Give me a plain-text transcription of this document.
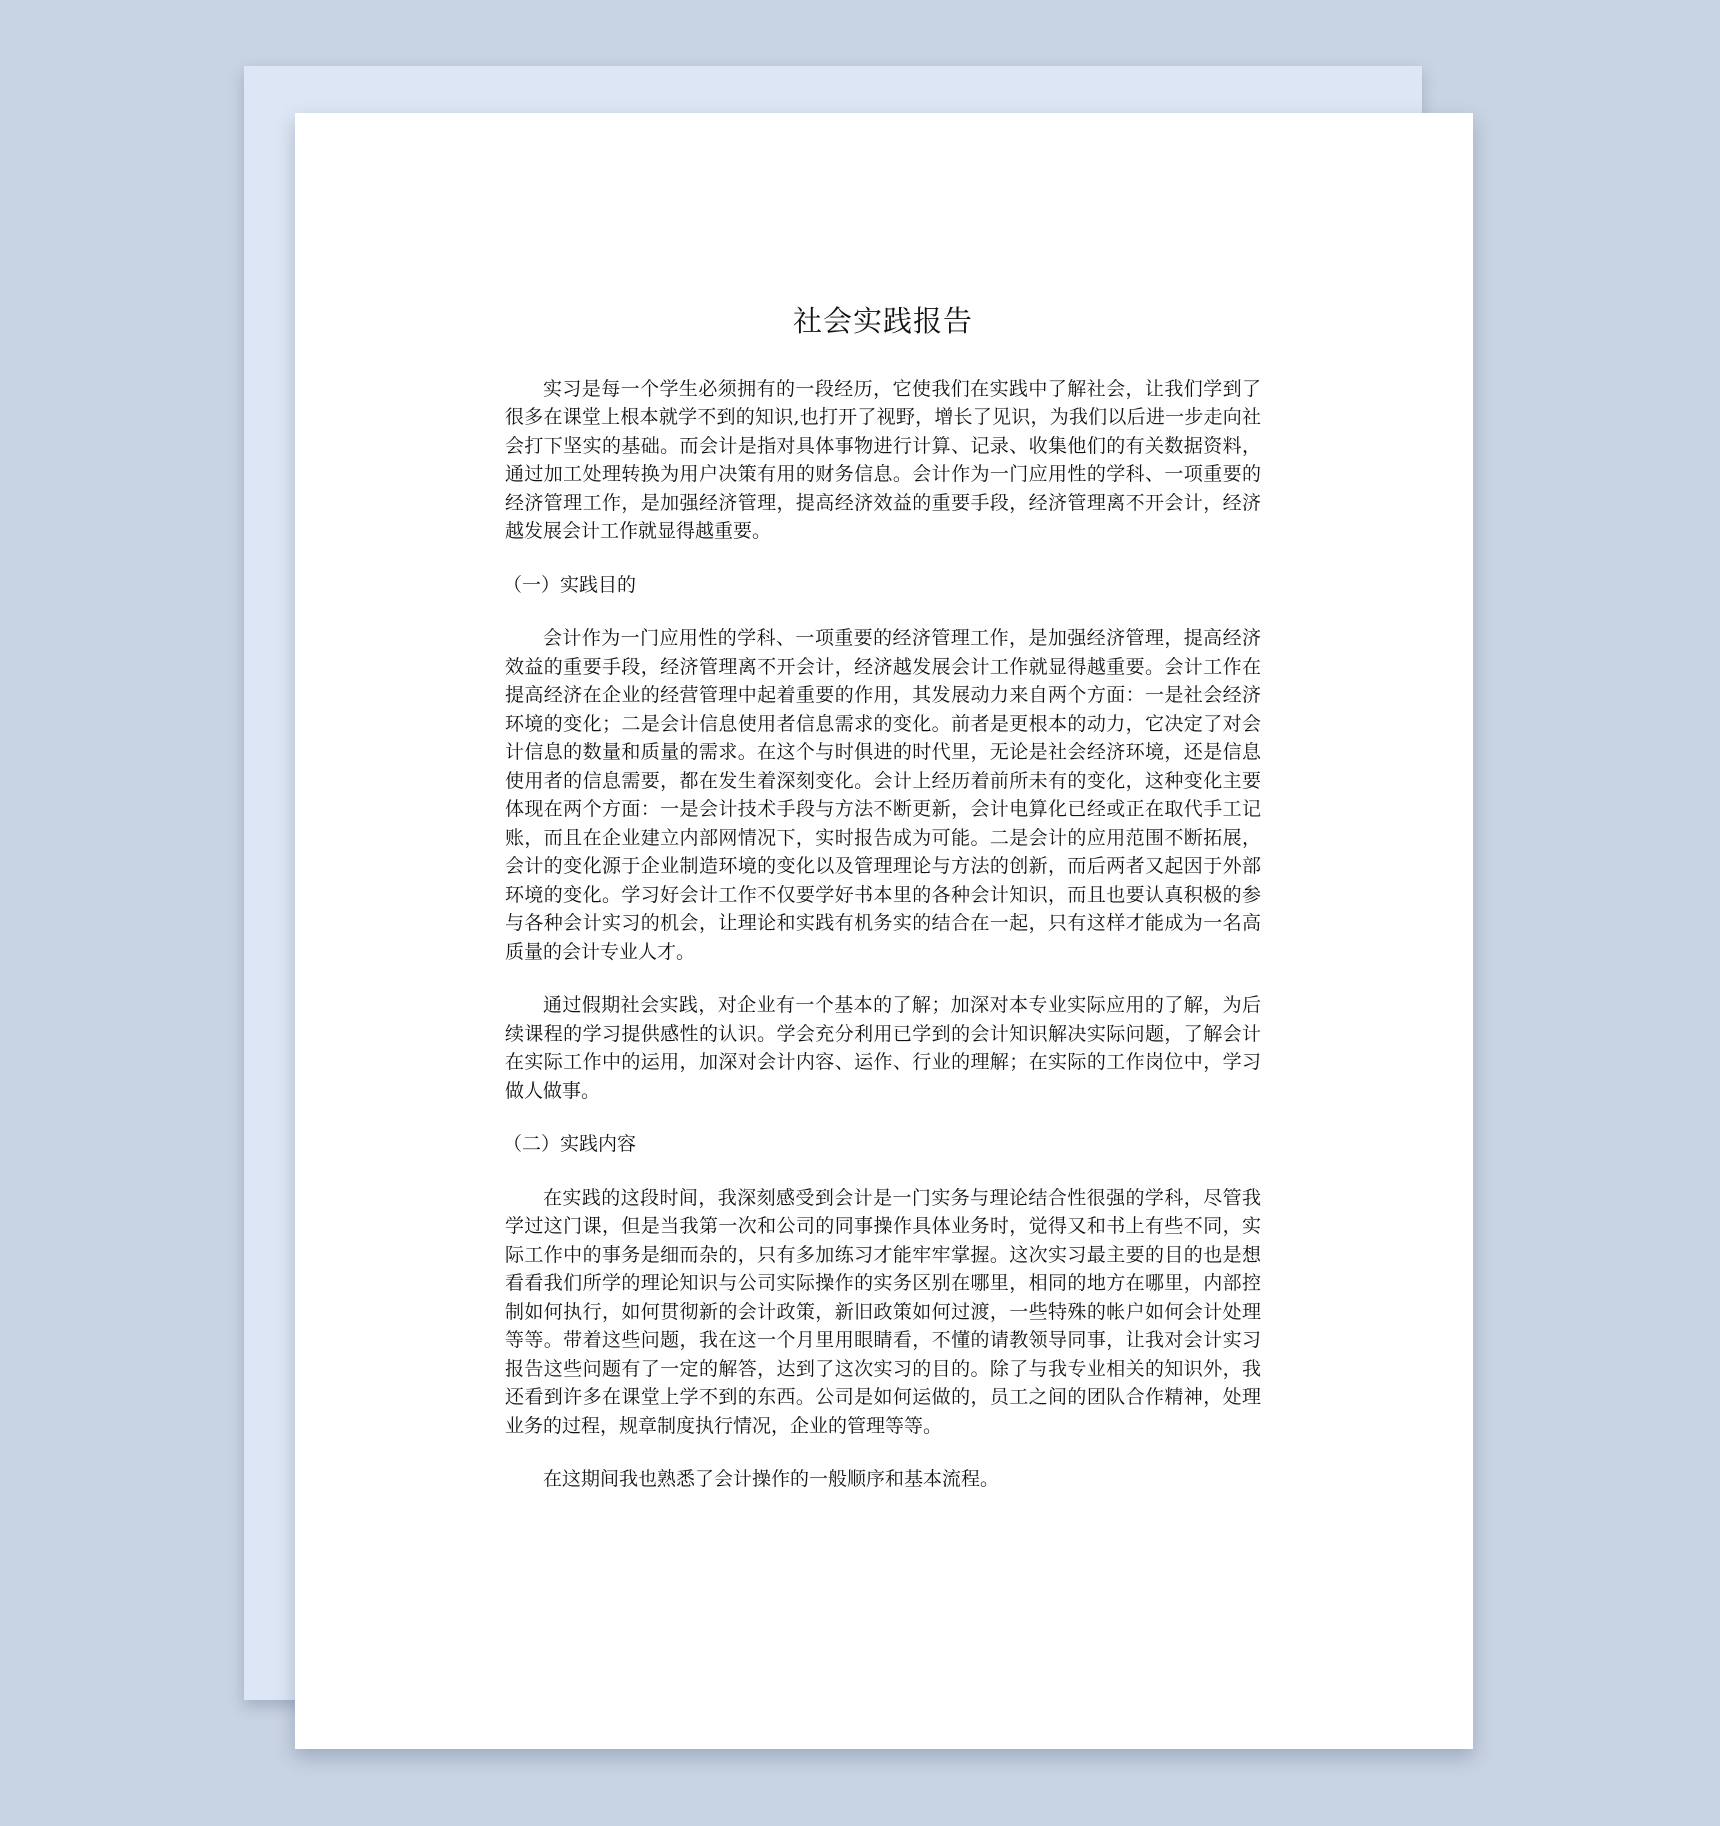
社会实践报告

实习是每一个学生必须拥有的一段经历，它使我们在实践中了解社会，让我们学到了很多在课堂上根本就学不到的知识,也打开了视野，增长了见识，为我们以后进一步走向社会打下坚实的基础。而会计是指对具体事物进行计算、记录、收集他们的有关数据资料，通过加工处理转换为用户决策有用的财务信息。会计作为一门应用性的学科、一项重要的经济管理工作，是加强经济管理，提高经济效益的重要手段，经济管理离不开会计，经济越发展会计工作就显得越重要。

（一）实践目的

会计作为一门应用性的学科、一项重要的经济管理工作，是加强经济管理，提高经济效益的重要手段，经济管理离不开会计，经济越发展会计工作就显得越重要。会计工作在提高经济在企业的经营管理中起着重要的作用，其发展动力来自两个方面：一是社会经济环境的变化；二是会计信息使用者信息需求的变化。前者是更根本的动力，它决定了对会计信息的数量和质量的需求。在这个与时俱进的时代里，无论是社会经济环境，还是信息使用者的信息需要，都在发生着深刻变化。会计上经历着前所未有的变化，这种变化主要体现在两个方面：一是会计技术手段与方法不断更新，会计电算化已经或正在取代手工记账，而且在企业建立内部网情况下，实时报告成为可能。二是会计的应用范围不断拓展，会计的变化源于企业制造环境的变化以及管理理论与方法的创新，而后两者又起因于外部环境的变化。学习好会计工作不仅要学好书本里的各种会计知识，而且也要认真积极的参与各种会计实习的机会，让理论和实践有机务实的结合在一起，只有这样才能成为一名高质量的会计专业人才。

通过假期社会实践，对企业有一个基本的了解；加深对本专业实际应用的了解，为后续课程的学习提供感性的认识。学会充分利用已学到的会计知识解决实际问题，了解会计在实际工作中的运用，加深对会计内容、运作、行业的理解；在实际的工作岗位中，学习做人做事。

（二）实践内容

在实践的这段时间，我深刻感受到会计是一门实务与理论结合性很强的学科，尽管我学过这门课，但是当我第一次和公司的同事操作具体业务时，觉得又和书上有些不同，实际工作中的事务是细而杂的，只有多加练习才能牢牢掌握。这次实习最主要的目的也是想看看我们所学的理论知识与公司实际操作的实务区别在哪里，相同的地方在哪里，内部控制如何执行，如何贯彻新的会计政策，新旧政策如何过渡，一些特殊的帐户如何会计处理等等。带着这些问题，我在这一个月里用眼睛看，不懂的请教领导同事，让我对会计实习报告这些问题有了一定的解答，达到了这次实习的目的。除了与我专业相关的知识外，我还看到许多在课堂上学不到的东西。公司是如何运做的，员工之间的团队合作精神，处理业务的过程，规章制度执行情况，企业的管理等等。

在这期间我也熟悉了会计操作的一般顺序和基本流程。
